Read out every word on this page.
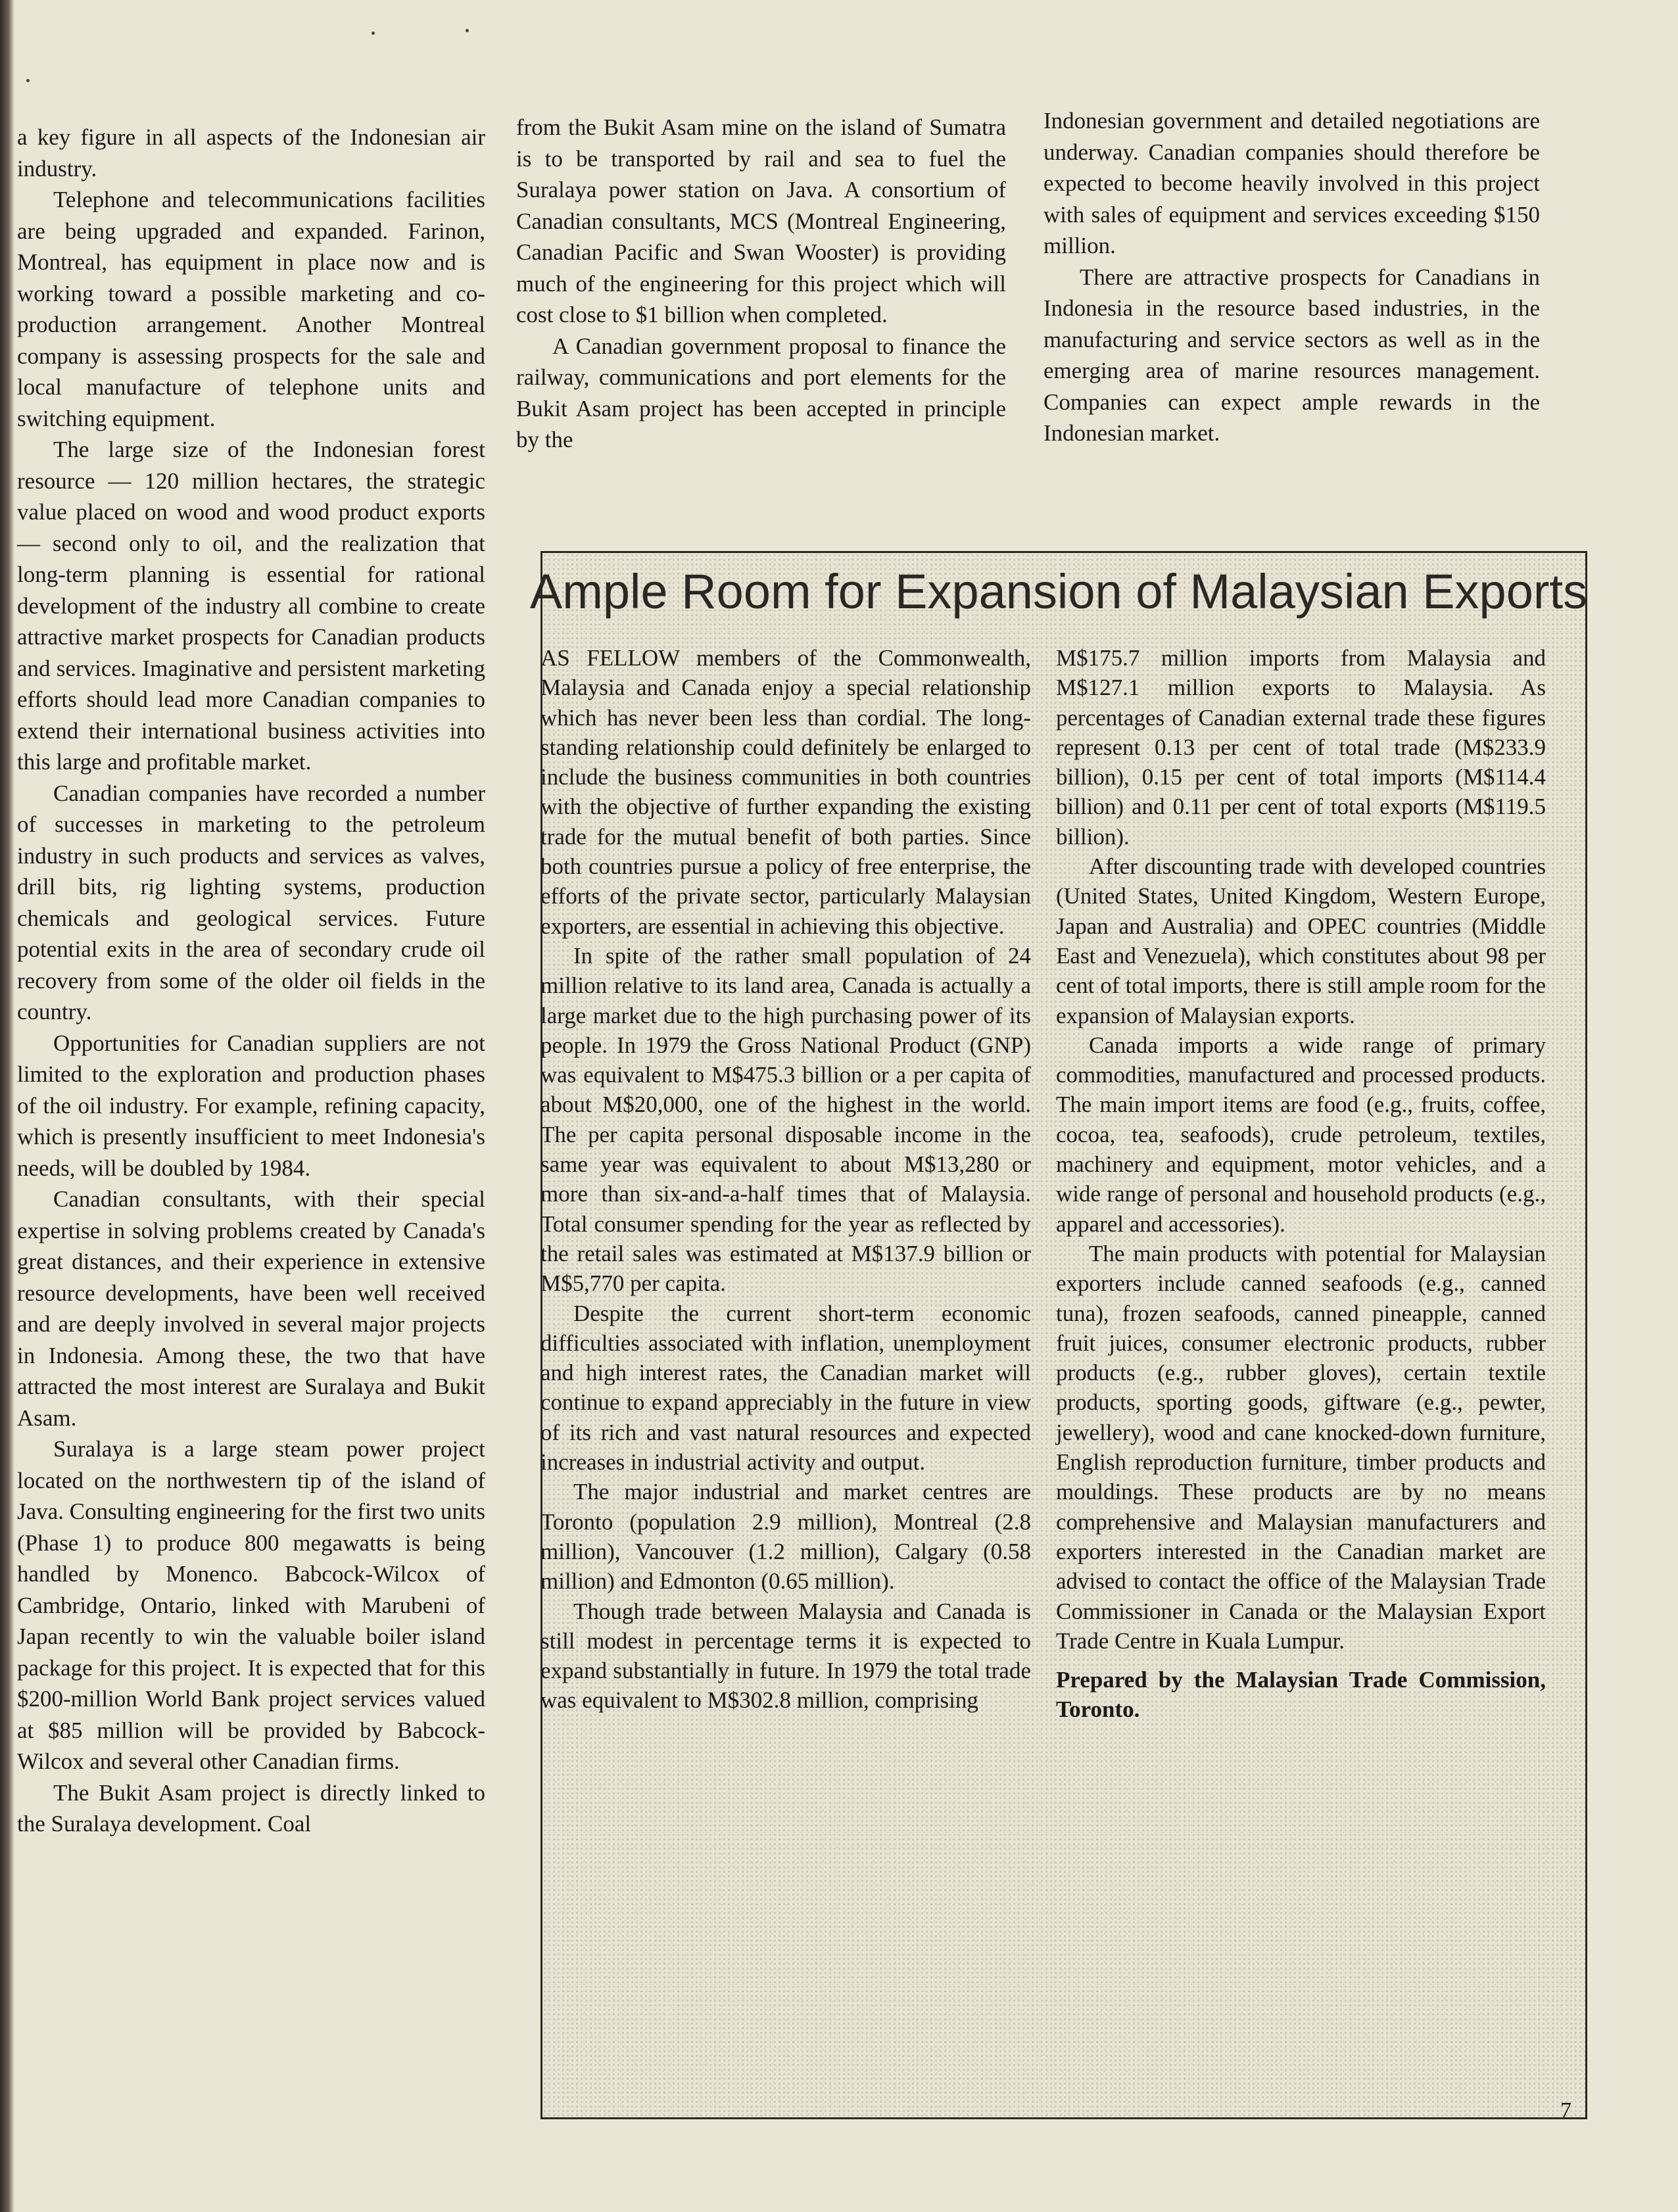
a key figure in all aspects of the Indonesian air industry.

Telephone and telecommunications facilities are being upgraded and expanded. Farinon, Montreal, has equipment in place now and is working toward a possible marketing and co-production arrangement. Another Montreal company is assessing prospects for the sale and local manufacture of telephone units and switching equipment.

The large size of the Indonesian forest resource — 120 million hectares, the strategic value placed on wood and wood product exports — second only to oil, and the realization that long-term planning is essential for rational development of the industry all combine to create attractive market prospects for Canadian products and services. Imaginative and persistent marketing efforts should lead more Canadian companies to extend their international business activities into this large and profitable market.

Canadian companies have recorded a number of successes in marketing to the petroleum industry in such products and services as valves, drill bits, rig lighting systems, production chemicals and geological services. Future potential exits in the area of secondary crude oil recovery from some of the older oil fields in the country.

Opportunities for Canadian suppliers are not limited to the exploration and production phases of the oil industry. For example, refining capacity, which is presently insufficient to meet Indonesia's needs, will be doubled by 1984.

Canadian consultants, with their special expertise in solving problems created by Canada's great distances, and their experience in extensive resource developments, have been well received and are deeply involved in several major projects in Indonesia. Among these, the two that have attracted the most interest are Suralaya and Bukit Asam.

Suralaya is a large steam power project located on the northwestern tip of the island of Java. Consulting engineering for the first two units (Phase 1) to produce 800 megawatts is being handled by Monenco. Babcock-Wilcox of Cambridge, Ontario, linked with Marubeni of Japan recently to win the valuable boiler island package for this project. It is expected that for this $200-million World Bank project services valued at $85 million will be provided by Babcock-Wilcox and several other Canadian firms.

The Bukit Asam project is directly linked to the Suralaya development. Coal

from the Bukit Asam mine on the island of Sumatra is to be transported by rail and sea to fuel the Suralaya power station on Java. A consortium of Canadian consultants, MCS (Montreal Engineering, Canadian Pacific and Swan Wooster) is providing much of the engineering for this project which will cost close to $1 billion when completed.

A Canadian government proposal to finance the railway, communications and port elements for the Bukit Asam project has been accepted in principle by the

Indonesian government and detailed negotiations are underway. Canadian companies should therefore be expected to become heavily involved in this project with sales of equipment and services exceeding $150 million.

There are attractive prospects for Canadians in Indonesia in the resource based industries, in the manufacturing and service sectors as well as in the emerging area of marine resources management. Companies can expect ample rewards in the Indonesian market.

Ample Room for Expansion of Malaysian Exports

AS FELLOW members of the Commonwealth, Malaysia and Canada enjoy a special relationship which has never been less than cordial. The long-standing relationship could definitely be enlarged to include the business communities in both countries with the objective of further expanding the existing trade for the mutual benefit of both parties. Since both countries pursue a policy of free enterprise, the efforts of the private sector, particularly Malaysian exporters, are essential in achieving this objective.

In spite of the rather small population of 24 million relative to its land area, Canada is actually a large market due to the high purchasing power of its people. In 1979 the Gross National Product (GNP) was equivalent to M$475.3 billion or a per capita of about M$20,000, one of the highest in the world. The per capita personal disposable income in the same year was equivalent to about M$13,280 or more than six-and-a-half times that of Malaysia. Total consumer spending for the year as reflected by the retail sales was estimated at M$137.9 billion or M$5,770 per capita.

Despite the current short-term economic difficulties associated with inflation, unemployment and high interest rates, the Canadian market will continue to expand appreciably in the future in view of its rich and vast natural resources and expected increases in industrial activity and output.

The major industrial and market centres are Toronto (population 2.9 million), Montreal (2.8 million), Vancouver (1.2 million), Calgary (0.58 million) and Edmonton (0.65 million).

Though trade between Malaysia and Canada is still modest in percentage terms it is expected to expand substantially in future. In 1979 the total trade was equivalent to M$302.8 million, comprising

M$175.7 million imports from Malaysia and M$127.1 million exports to Malaysia. As percentages of Canadian external trade these figures represent 0.13 per cent of total trade (M$233.9 billion), 0.15 per cent of total imports (M$114.4 billion) and 0.11 per cent of total exports (M$119.5 billion).

After discounting trade with developed countries (United States, United Kingdom, Western Europe, Japan and Australia) and OPEC countries (Middle East and Venezuela), which constitutes about 98 per cent of total imports, there is still ample room for the expansion of Malaysian exports.

Canada imports a wide range of primary commodities, manufactured and processed products. The main import items are food (e.g., fruits, coffee, cocoa, tea, seafoods), crude petroleum, textiles, machinery and equipment, motor vehicles, and a wide range of personal and household products (e.g., apparel and accessories).

The main products with potential for Malaysian exporters include canned seafoods (e.g., canned tuna), frozen seafoods, canned pineapple, canned fruit juices, consumer electronic products, rubber products (e.g., rubber gloves), certain textile products, sporting goods, giftware (e.g., pewter, jewellery), wood and cane knocked-down furniture, English reproduction furniture, timber products and mouldings. These products are by no means comprehensive and Malaysian manufacturers and exporters interested in the Canadian market are advised to contact the office of the Malaysian Trade Commissioner in Canada or the Malaysian Export Trade Centre in Kuala Lumpur.

Prepared by the Malaysian Trade Commission, Toronto.

7
